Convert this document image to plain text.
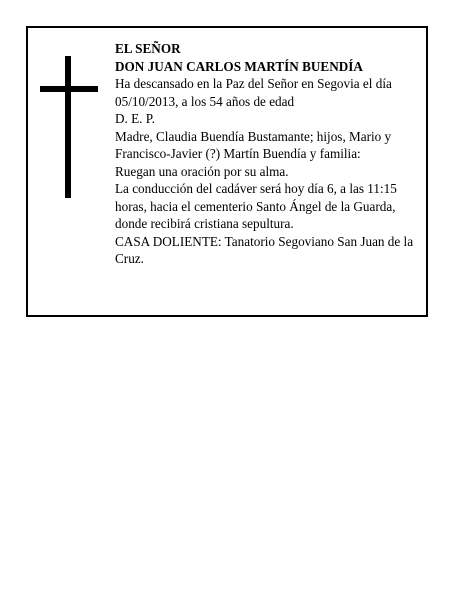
EL SEÑOR

DON JUAN CARLOS MARTÍN BUENDÍA

Ha descansado en la Paz del Señor en Segovia el día 05/10/2013, a los 54 años de edad

D. E. P.

Madre, Claudia Buendía Bustamante; hijos, Mario y Francisco-Javier (?) Martín Buendía y familia:

Ruegan una oración por su alma.

La conducción del cadáver será hoy día 6, a las 11:15 horas, hacia el cementerio Santo Ángel de la Guarda, donde recibirá cristiana sepultura.

CASA DOLIENTE: Tanatorio Segoviano San Juan de la Cruz.
